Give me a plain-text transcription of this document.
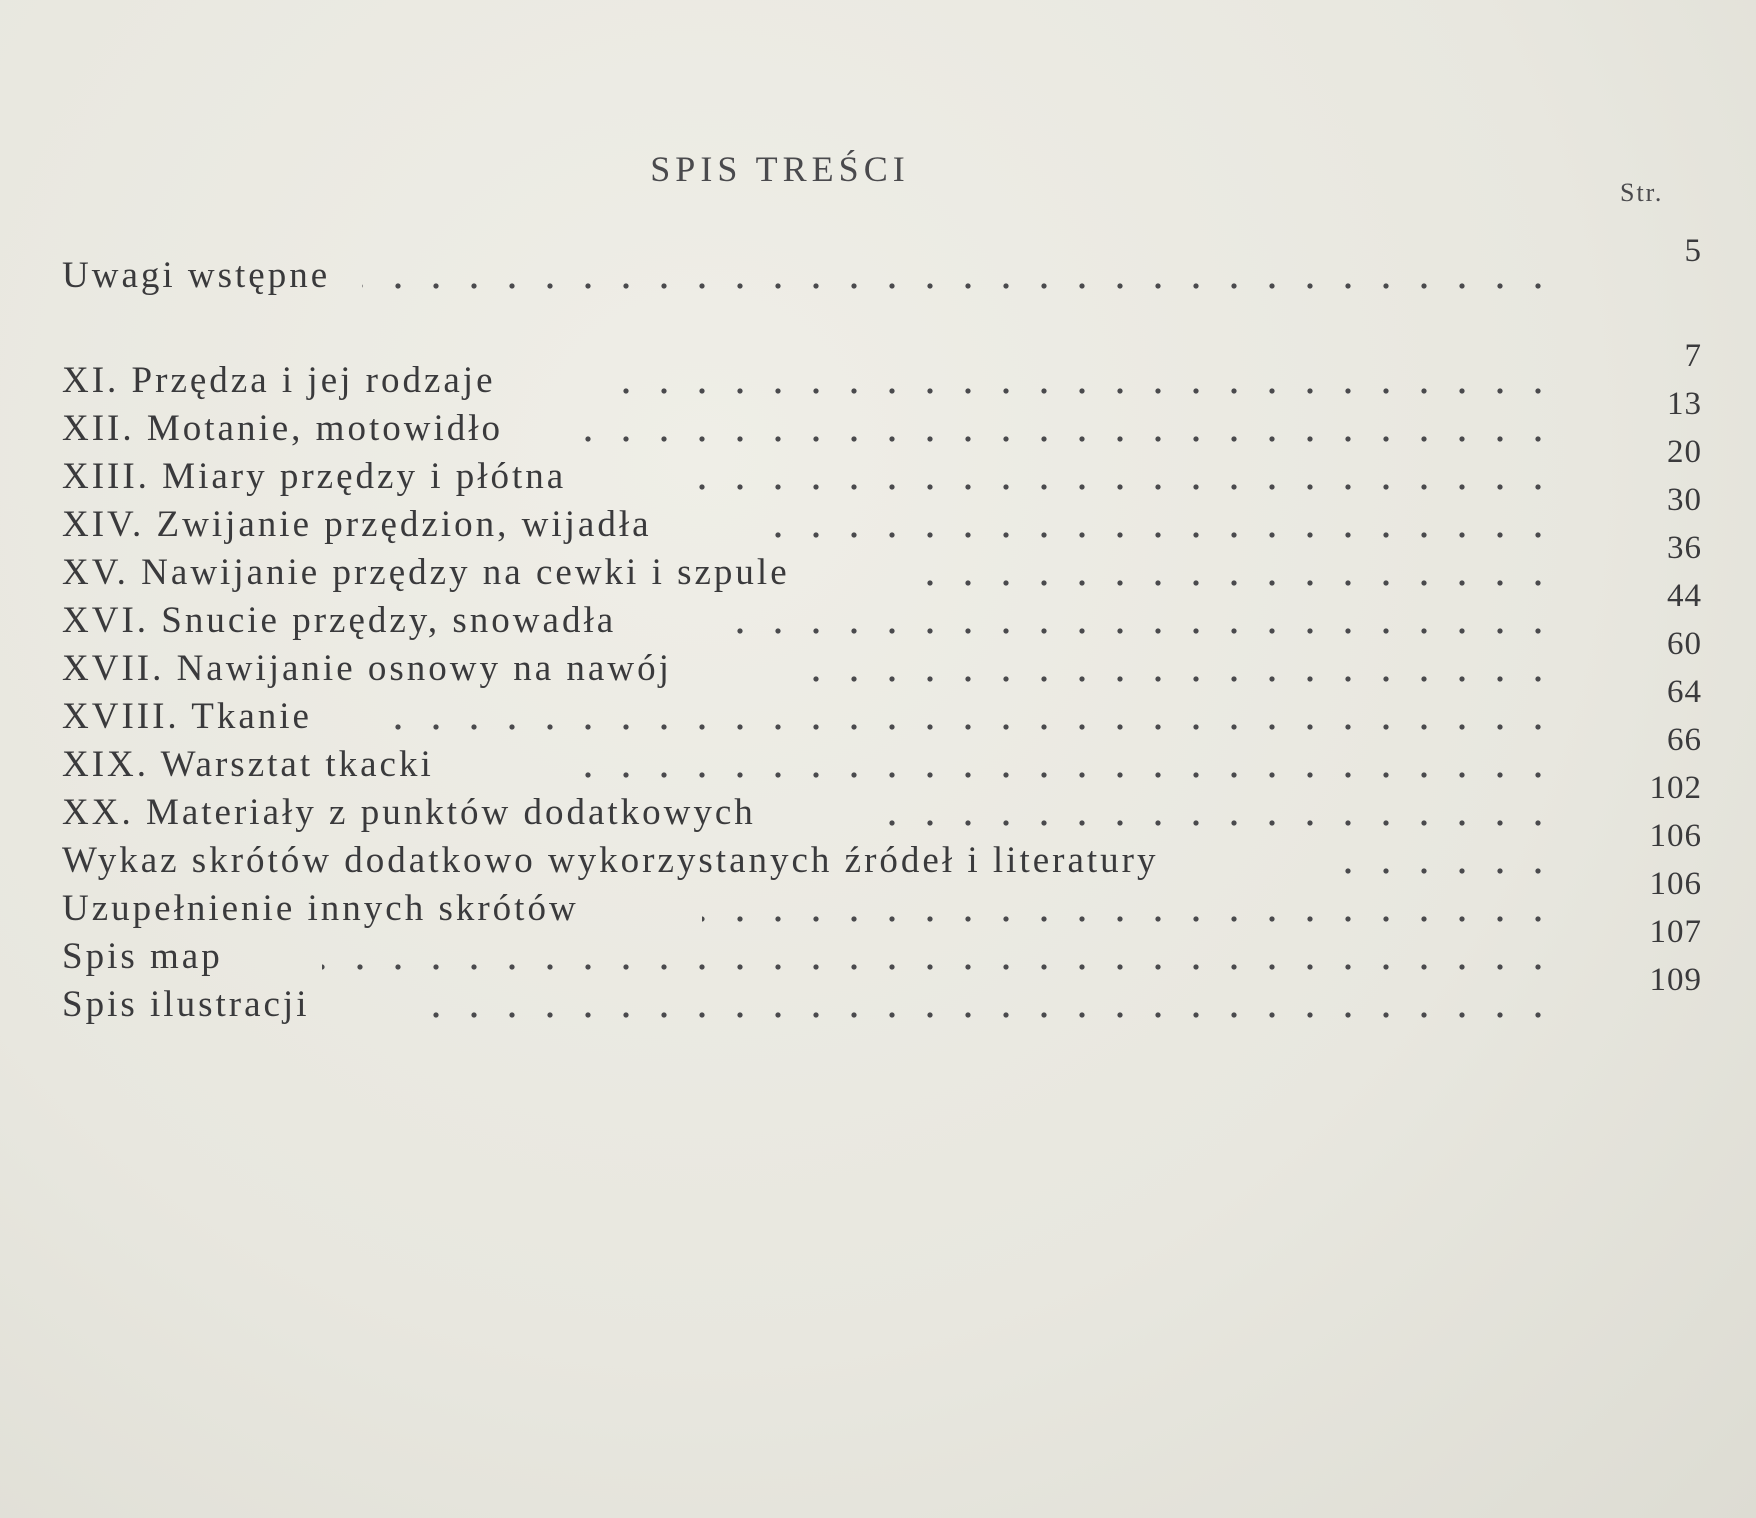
SPIS TREŚCI
Str.
Uwagi wstępne
5
XI. Przędza i jej rodzaje
7
XII. Motanie, motowidło
13
XIII. Miary przędzy i płótna
20
XIV. Zwijanie przędzion, wijadła
30
XV. Nawijanie przędzy na cewki i szpule
36
XVI. Snucie przędzy, snowadła
44
XVII. Nawijanie osnowy na nawój
60
XVIII. Tkanie
64
XIX. Warsztat tkacki
66
XX. Materiały z punktów dodatkowych
102
Wykaz skrótów dodatkowo wykorzystanych źródeł i literatury
106
Uzupełnienie innych skrótów
106
Spis map
107
Spis ilustracji
109
